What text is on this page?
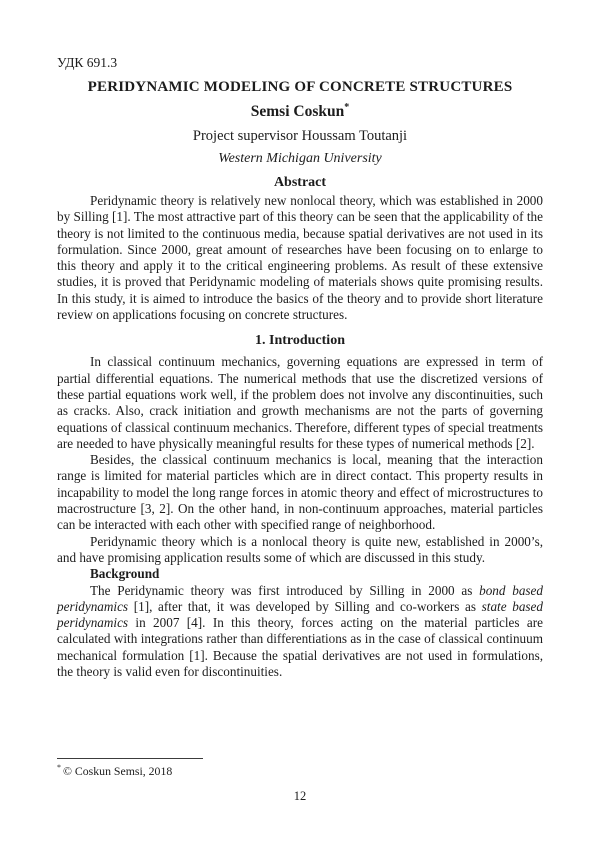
УДК 691.3
PERIDYNAMIC MODELING OF CONCRETE STRUCTURES
Semsi Coskun*
Project supervisor Houssam Toutanji
Western Michigan University
Abstract

Peridynamic theory is relatively new nonlocal theory, which was established in 2000 by Silling [1]. The most attractive part of this theory can be seen that the applicability of the theory is not limited to the continuous media, because spatial derivatives are not used in its formulation. Since 2000, great amount of researches have been focusing on to enlarge to this theory and apply it to the critical engineering problems. As result of these extensive studies, it is proved that Peridynamic modeling of materials shows quite promising results. In this study, it is aimed to introduce the basics of the theory and to provide short literature review on applications focusing on concrete structures.

1. Introduction

In classical continuum mechanics, governing equations are expressed in term of partial differential equations. The numerical methods that use the discretized versions of these partial equations work well, if the problem does not involve any discontinuities, such as cracks. Also, crack initiation and growth mechanisms are not the parts of governing equations of classical continuum mechanics. Therefore, different types of special treatments are needed to have physically meaningful results for these types of numerical methods [2].

Besides, the classical continuum mechanics is local, meaning that the interaction range is limited for material particles which are in direct contact. This property results in incapability to model the long range forces in atomic theory and effect of microstructures to macrostructure [3, 2]. On the other hand, in non-continuum approaches, material particles can be interacted with each other with specified range of neighborhood.

Peridynamic theory which is a nonlocal theory is quite new, established in 2000’s, and have promising application results some of which are discussed in this study.

Background

The Peridynamic theory was first introduced by Silling in 2000 as bond based peridynamics [1], after that, it was developed by Silling and co-workers as state based peridynamics in 2007 [4]. In this theory, forces acting on the material particles are calculated with integrations rather than differentiations as in the case of classical continuum mechanical formulation [1]. Because the spatial derivatives are not used in formulations, the theory is valid even for discontinuities.

* © Coskun Semsi, 2018
12
